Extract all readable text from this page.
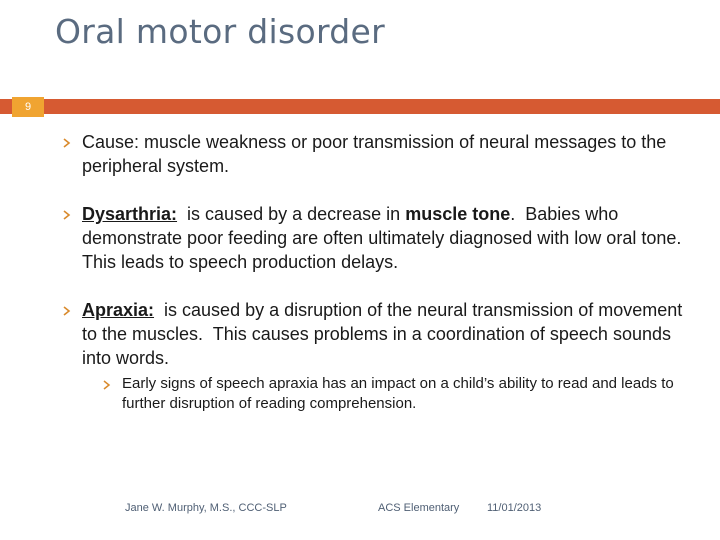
Oral motor disorder
9
Cause: muscle weakness or poor transmission of neural messages to the peripheral system.
Dysarthria:  is caused by a decrease in muscle tone.  Babies who demonstrate poor feeding are often ultimately diagnosed with low oral tone.  This leads to speech production delays.
Apraxia:  is caused by a disruption of the neural transmission of movement to the muscles.  This causes problems in a coordination of speech sounds into words.
Early signs of speech apraxia has an impact on a child’s ability to read and leads to further disruption of reading comprehension.
Jane W. Murphy, M.S., CCC-SLP	ACS Elementary	11/01/2013
